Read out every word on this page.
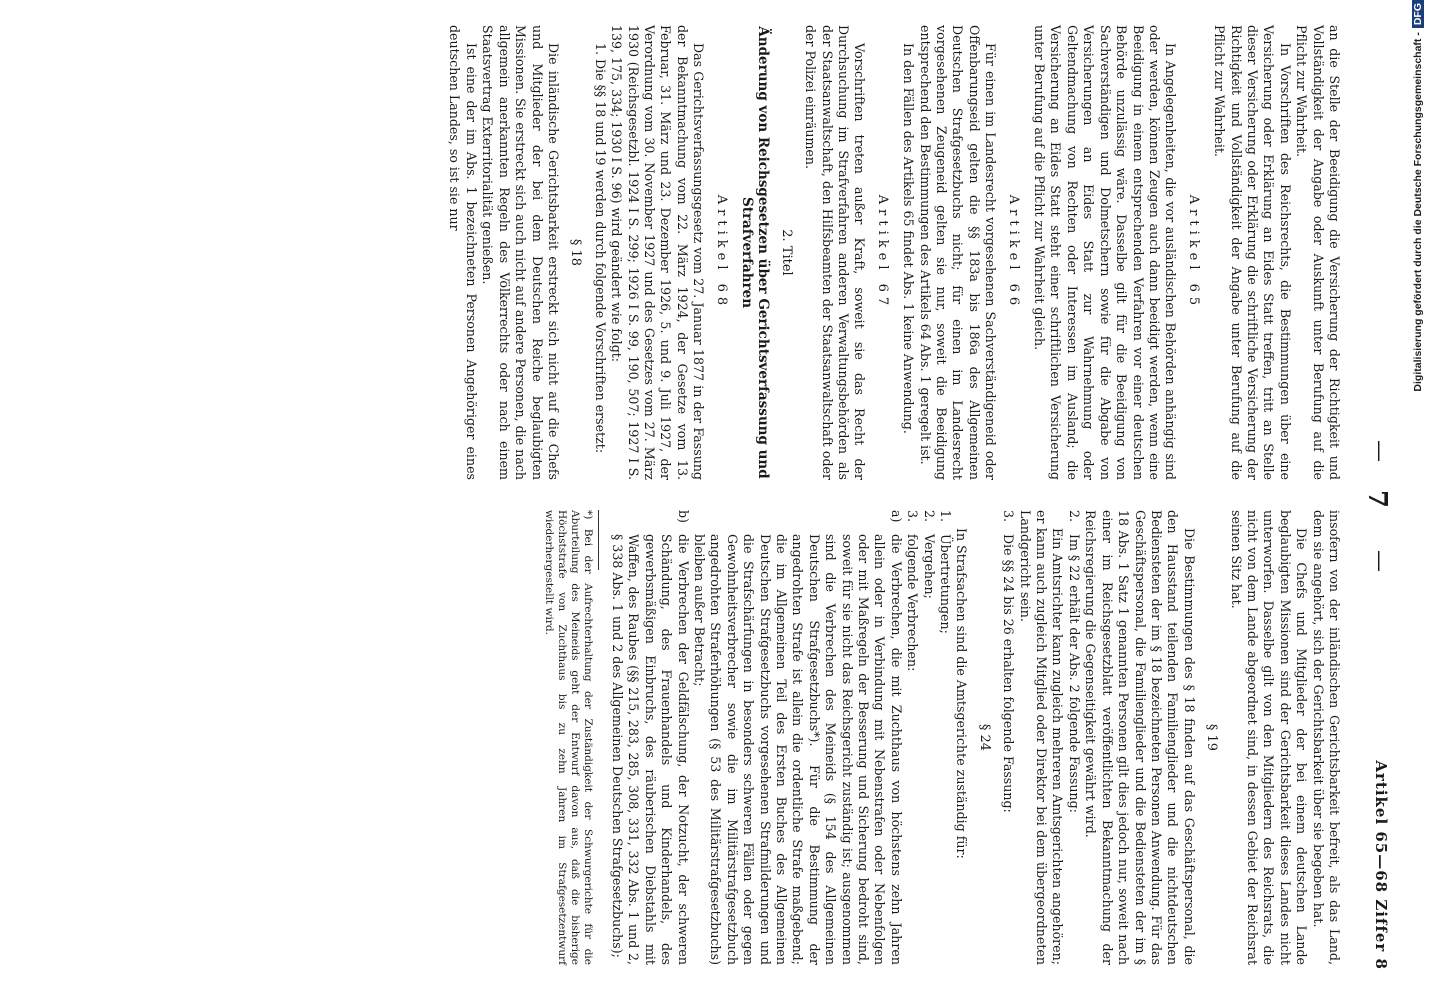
—
7
—
Artikel 65—68 Ziffer 8

an die Stelle der Beeidigung die Versicherung der Richtigkeit und Vollständigkeit der Angabe oder Auskunft unter Berufung auf die Pflicht zur Wahrheit.

In Vorschriften des Reichsrechts, die Bestimmungen über eine Versicherung oder Erklärung an Eides Statt treffen, tritt an Stelle dieser Versicherung oder Erklärung die schriftliche Versicherung der Richtigkeit und Vollständigkeit der Angabe unter Berufung auf die Pflicht zur Wahrheit.

Artikel 65

In Angelegenheiten, die vor ausländischen Behörden anhängig sind oder werden, können Zeugen auch dann beeidigt werden, wenn eine Beeidigung in einem entsprechenden Verfahren vor einer deutschen Behörde unzulässig wäre. Dasselbe gilt für die Beeidigung von Sachverständigen und Dolmetschern sowie für die Abgabe von Versicherungen an Eides Statt zur Wahrnehmung oder Geltendmachung von Rechten oder Interessen im Ausland; die Versicherung an Eides Statt steht einer schriftlichen Versicherung unter Berufung auf die Pflicht zur Wahrheit gleich.

Artikel 66

Für einen im Landesrecht vorgesehenen Sachverständigeneid oder Offenbarungseid gelten die §§ 183a bis 186a des Allgemeinen Deutschen Strafgesetzbuchs nicht; für einen im Landesrecht vorgesehenen Zeugeneid gelten sie nur, soweit die Beeidigung entsprechend den Bestimmungen des Artikels 64 Abs. 1 geregelt ist.

In den Fällen des Artikels 65 findet Abs. 1 keine Anwendung.

Artikel 67

Vorschriften treten außer Kraft, soweit sie das Recht der Durchsuchung im Strafverfahren anderen Verwaltungsbehörden als der Staatsanwaltschaft, den Hilfsbeamten der Staatsanwaltschaft oder der Polizei einräumen.

2. Titel
Änderung von Reichsgesetzen über Gerichtsverfassung und Strafverfahren
Artikel 68

Das Gerichtsverfassungsgesetz vom 27. Januar 1877 in der Fassung der Bekanntmachung vom 22. März 1924, der Gesetze vom 13. Februar, 31. März und 23. Dezember 1926, 5. und 9. Juli 1927, der Verordnung vom 30. November 1927 und des Gesetzes vom 27. März 1930 (Reichsgesetzbl. 1924 I S. 299; 1926 I S. 99, 190, 507; 1927 I S. 139, 175, 334; 1930 I S. 96) wird geändert wie folgt:

1. Die §§ 18 und 19 werden durch folgende Vorschriften ersetzt:

§ 18

Die inländische Gerichtsbarkeit erstreckt sich nicht auf die Chefs und Mitglieder der bei dem Deutschen Reiche beglaubigten Missionen. Sie erstreckt sich auch nicht auf andere Personen, die nach allgemein anerkannten Regeln des Völkerrechts oder nach einem Staatsvertrag Exterritorialität genießen.

Ist eine der im Abs. 1 bezeichneten Personen Angehöriger eines deutschen Landes, so ist sie nur

insofern von der inländischen Gerichtsbarkeit befreit, als das Land, dem sie angehört, sich der Gerichtsbarkeit über sie begeben hat.

Die Chefs und Mitglieder der bei einem deutschen Lande beglaubigten Missionen sind der Gerichtsbarkeit dieses Landes nicht unterworfen. Dasselbe gilt von den Mitgliedern des Reichsrats, die nicht von dem Lande abgeordnet sind, in dessen Gebiet der Reichsrat seinen Sitz hat.

§ 19

Die Bestimmungen des § 18 finden auf das Geschäftspersonal, die den Hausstand teilenden Familienglieder und die nichtdeutschen Bediensteten der im § 18 bezeichneten Personen Anwendung. Für das Geschäftspersonal, die Familienglieder und die Bediensteten der im § 18 Abs. 1 Satz 1 genannten Personen gilt dies jedoch nur, soweit nach einer im Reichsgesetzblatt veröffentlichten Bekanntmachung der Reichsregierung die Gegenseitigkeit gewährt wird.

2.
Im § 22 erhält der Abs. 2 folgende Fassung:

Ein Amtsrichter kann zugleich mehreren Amtsgerichten angehören; er kann auch zugleich Mitglied oder Direktor bei dem übergeordneten Landgericht sein.

3.
Die §§ 24 bis 26 erhalten folgende Fassung:
§ 24

In Strafsachen sind die Amtsgerichte zuständig für:

1.
Übertretungen;
2.
Vergehen;
3.
folgende Verbrechen:
a)
die Verbrechen, die mit Zuchthaus von höchstens zehn Jahren allein oder in Verbindung mit Nebenstrafen oder Nebenfolgen oder mit Maßregeln der Besserung und Sicherung bedroht sind, soweit für sie nicht das Reichsgericht zuständig ist; ausgenommen sind die Verbrechen des Meineids (§ 154 des Allgemeinen Deutschen Strafgesetzbuchs*). Für die Bestimmung der angedrohten Strafe ist allein die ordentliche Strafe maßgebend; die im Allgemeinen Teil des Ersten Buches des Allgemeinen Deutschen Strafgesetzbuchs vorgesehenen Strafmilderungen und die Strafschärfungen in besonders schweren Fällen oder gegen Gewohnheitsverbrecher sowie die im Militärstrafgesetzbuch angedrohten Straferhöhungen (§ 53 des Militärstrafgesetzbuchs) bleiben außer Betracht;
b)
die Verbrechen der Geldfälschung, der Notzucht, der schweren Schändung, des Frauenhandels und Kinderhandels, des gewerbsmäßigen Einbruchs, des räuberischen Diebstahls mit Waffen, des Raubes (§§ 215, 283, 285, 308, 331, 332 Abs. 1 und 2, § 338 Abs. 1 und 2 des Allgemeinen Deutschen Strafgesetzbuchs);
*) Bei der Aufrechterhaltung der Zuständigkeit der Schwurgerichte für die Aburteilung des Meineids geht der Entwurf davon aus, daß die bisherige Höchststrafe von Zuchthaus bis zu zehn Jahren im Strafgesetzentwurf wiederhergestellt wird.
Digitalisierung gefördert durch die Deutsche Forschungsgemeinschaft -DFG
